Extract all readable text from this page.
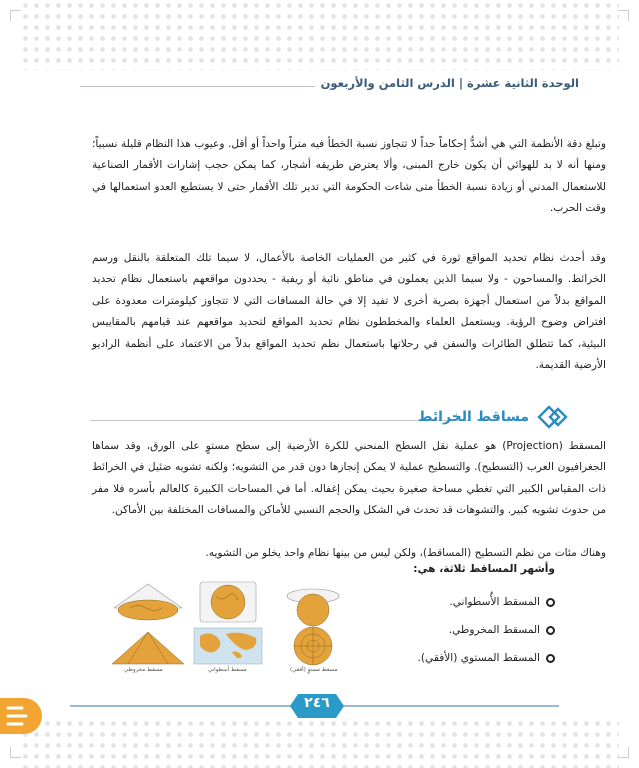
الوحدة الثانية عشرة | الدرس الثامن والأربعون

وتبلغ دقة الأنظمة التي هي أشدُّ إحكاماً حداً لا تتجاوز نسبة الخطأ فيه متراً واحداً أو أقل. وعيوب هذا النظام قليلة نسبياً؛ ومنها أنه لا بد للهوائي أن يكون خارج المبنى، وألا يعترض طريقه أشجار، كما يمكن حجب إشارات الأقمار الصناعية للاستعمال المدني أو زيادة نسبة الخطأ متى شاءت الحكومة التي تدير تلك الأقمار حتى لا يستطيع العدو استعمالها في وقت الحرب.

وقد أحدث نظام تحديد المواقع ثورة في كثير من العمليات الخاصة بالأعمال، لا سيما تلك المتعلقة بالنقل ورسم الخرائط. والمساحون - ولا سيما الذين يعملون في مناطق نائية أو ريفية - يحددون مواقعهم باستعمال نظام تحديد المواقع بدلاً من استعمال أجهزة بصرية أخرى لا تفيد إلا في حالة المسافات التي لا تتجاوز كيلومترات معدودة على افتراض وضوح الرؤية. ويستعمل العلماء والمخططون نظام تحديد المواقع لتحديد مواقعهم عند قيامهم بالمقاييس البيئية، كما تتطلق الطائرات والسفن في رحلاتها باستعمال نظم تحديد المواقع بدلاً من الاعتماد على أنظمة الراديو الأرضية القديمة.

مساقط الخرائط

المسقط (Projection) هو عملية نقل السطح المنحني للكرة الأرضية إلى سطح مستوٍ على الورق، وقد سماها الجغرافيون العرب (التسطيح). والتسطيح عملية لا يمكن إنجازها دون قدر من التشويه؛ ولكنه تشويه ضئيل في الخرائط ذات المقياس الكبير التي تغطي مساحة صغيرة بحيث يمكن إغفاله. أما في المساحات الكبيرة كالعالم بأسره فلا مفر من حدوث تشويه كبير. والتشوهات قد تحدث في الشكل والحجم النسبي للأماكن والمسافات المختلفة بين الأماكن.

وهناك مئات من نظم التسطيح (المساقط)، ولكن ليس من بينها نظام واحد يخلو من التشويه.

وأشهر المساقط ثلاثة، هي:
المسقط الأُسطواني.
المسقط المخروطي.
المسقط المستوي (الأفقي).
مسقط مخروطي	مسقط أسطواني	مسقط مستوٍ (أفقي)
٢٤٦
